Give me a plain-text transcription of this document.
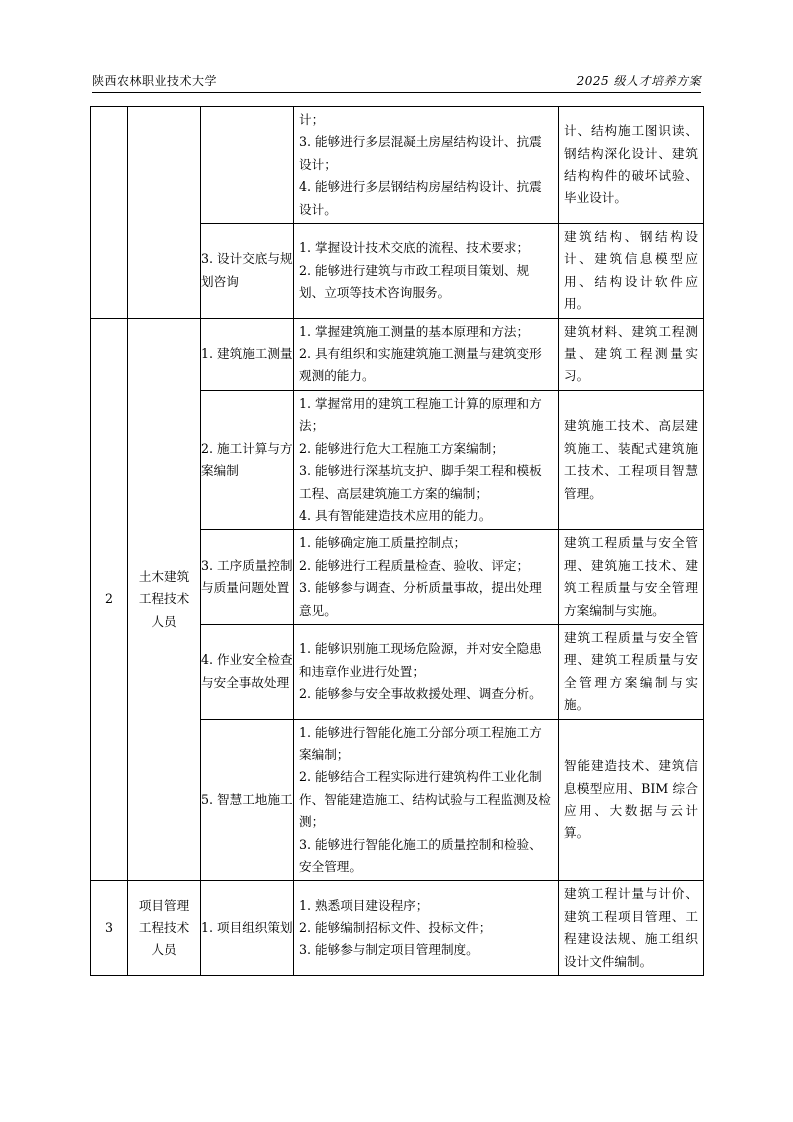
陕西农林职业技术大学	2025 级人才培养方案

			计；
3. 能够进行多层混凝土房屋结构设计、抗震设计；
4. 能够进行多层钢结构房屋结构设计、抗震设计。	计、结构施工图识读、钢结构深化设计、建筑结构构件的破坏试验、毕业设计。
		3. 设计交底与规划咨询	1. 掌握设计技术交底的流程、技术要求；
2. 能够进行建筑与市政工程项目策划、规划、立项等技术咨询服务。	建筑结构、钢结构设计、建筑信息模型应用、结构设计软件应用。
2	土木建筑工程技术人员	1. 建筑施工测量	1. 掌握建筑施工测量的基本原理和方法；
2. 具有组织和实施建筑施工测量与建筑变形观测的能力。	建筑材料、建筑工程测量、建筑工程测量实习。
		2. 施工计算与方案编制	1. 掌握常用的建筑工程施工计算的原理和方法；
2. 能够进行危大工程施工方案编制；
3. 能够进行深基坑支护、脚手架工程和模板工程、高层建筑施工方案的编制；
4. 具有智能建造技术应用的能力。	建筑施工技术、高层建筑施工、装配式建筑施工技术、工程项目智慧管理。
		3. 工序质量控制与质量问题处置	1. 能够确定施工质量控制点；
2. 能够进行工程质量检查、验收、评定；
3. 能够参与调查、分析质量事故，提出处理意见。	建筑工程质量与安全管理、建筑施工技术、建筑工程质量与安全管理方案编制与实施。
		4. 作业安全检查与安全事故处理	1. 能够识别施工现场危险源，并对安全隐患和违章作业进行处置；
2. 能够参与安全事故救援处理、调查分析。	建筑工程质量与安全管理、建筑工程质量与安全管理方案编制与实施。
		5. 智慧工地施工	1. 能够进行智能化施工分部分项工程施工方案编制；
2. 能够结合工程实际进行建筑构件工业化制作、智能建造施工、结构试验与工程监测及检测；
3. 能够进行智能化施工的质量控制和检验、安全管理。	智能建造技术、建筑信息模型应用、BIM 综合应用、大数据与云计算。
3	项目管理工程技术人员	1. 项目组织策划	1. 熟悉项目建设程序；
2. 能够编制招标文件、投标文件；
3. 能够参与制定项目管理制度。	建筑工程计量与计价、建筑工程项目管理、工程建设法规、施工组织设计文件编制。
